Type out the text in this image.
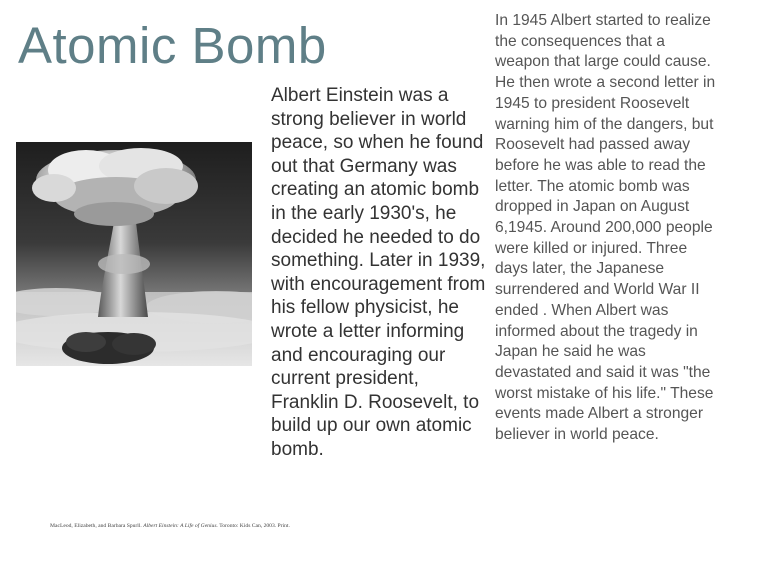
Atomic Bomb
Albert Einstein was a strong believer in world peace, so when he found out that Germany was creating an atomic bomb in the early 1930's, he decided he needed to do something. Later in 1939, with encouragement from his fellow physicist, he wrote a letter informing and encouraging our current president, Franklin D. Roosevelt, to build up our own atomic bomb.
In 1945 Albert started to realize the consequences that a weapon that large could cause. He then wrote a second letter in 1945 to president Roosevelt warning him of the dangers, but Roosevelt had passed away before he was able to read the letter. The atomic bomb was dropped in Japan on August 6,1945. Around 200,000 people were killed or injured. Three days later, the Japanese surrendered and World War II ended . When Albert was informed about the tragedy in Japan he said he was devastated and said it was "the worst mistake of his life." These events made Albert a stronger believer in world peace.
MacLeod, Elizabeth, and Barbara Spurll. Albert Einstein: A Life of Genius. Toronto: Kids Can, 2003. Print.
